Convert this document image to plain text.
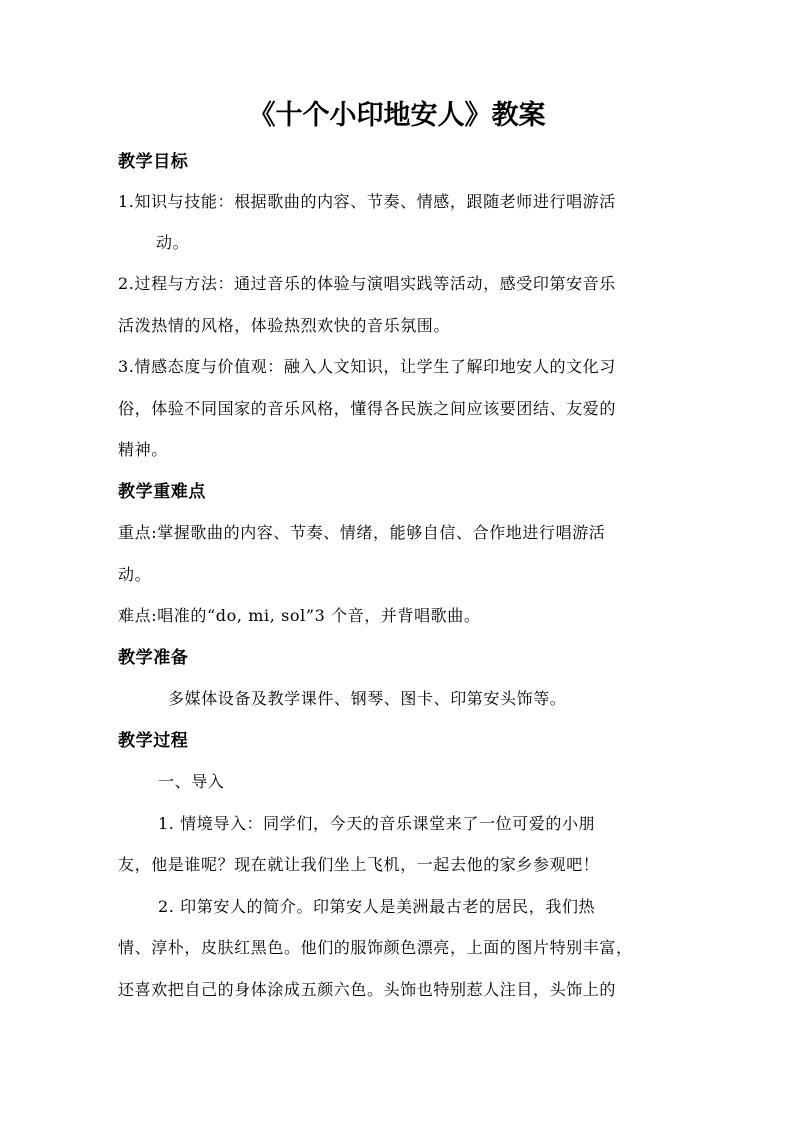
《十个小印地安人》教案
教学目标
1.知识与技能：根据歌曲的内容、节奏、情感，跟随老师进行唱游活
动。
2.过程与方法：通过音乐的体验与演唱实践等活动，感受印第安音乐
活泼热情的风格，体验热烈欢快的音乐氛围。
3.情感态度与价值观：融入人文知识，让学生了解印地安人的文化习
俗，体验不同国家的音乐风格，懂得各民族之间应该要团结、友爱的
精神。
教学重难点
重点:掌握歌曲的内容、节奏、情绪，能够自信、合作地进行唱游活
动。
难点:唱准的“do, mi, sol”3 个音，并背唱歌曲。
教学准备
多媒体设备及教学课件、钢琴、图卡、印第安头饰等。
教学过程
一、导入
1. 情境导入：同学们，今天的音乐课堂来了一位可爱的小朋
友，他是谁呢？现在就让我们坐上飞机，一起去他的家乡参观吧！
2. 印第安人的简介。印第安人是美洲最古老的居民，我们热
情、淳朴，皮肤红黑色。他们的服饰颜色漂亮，上面的图片特别丰富，
还喜欢把自己的身体涂成五颜六色。头饰也特别惹人注目，头饰上的
